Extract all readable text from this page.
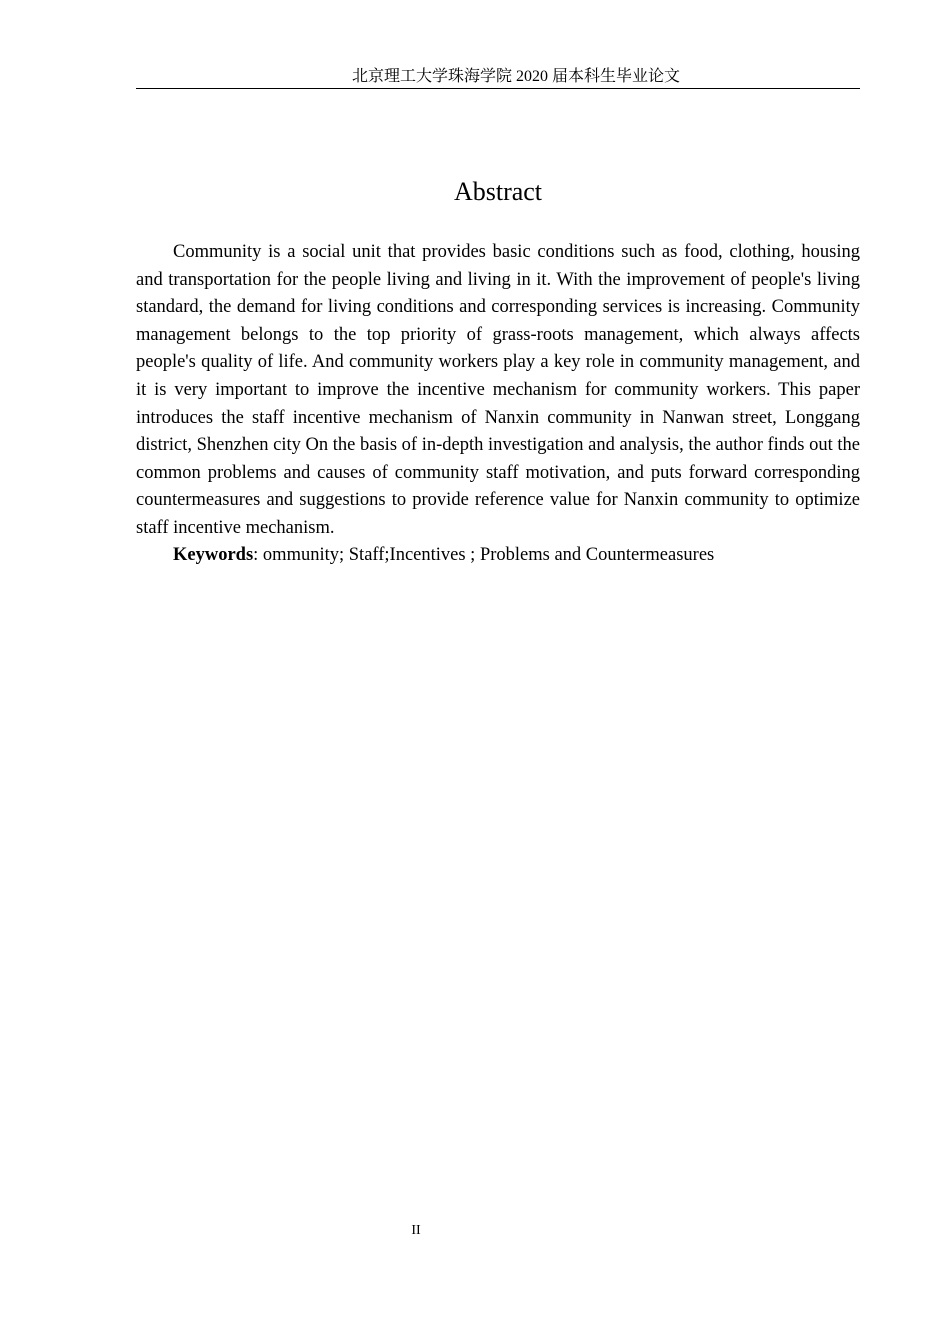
北京理工大学珠海学院 2020 届本科生毕业论文
Abstract

Community is a social unit that provides basic conditions such as food, clothing, housing and transportation for the people living and living in it. With the improvement of people's living standard, the demand for living conditions and corresponding services is increasing. Community management belongs to the top priority of grass-roots management, which always affects people's quality of life. And community workers play a key role in community management, and it is very important to improve the incentive mechanism for community workers. This paper introduces the staff incentive mechanism of Nanxin community in Nanwan street, Longgang district, Shenzhen city On the basis of in-depth investigation and analysis, the author finds out the common problems and causes of community staff motivation, and puts forward corresponding countermeasures and suggestions to provide reference value for Nanxin community to optimize staff incentive mechanism.

Keywords: ommunity; Staff;Incentives ; Problems and Countermeasures

II
